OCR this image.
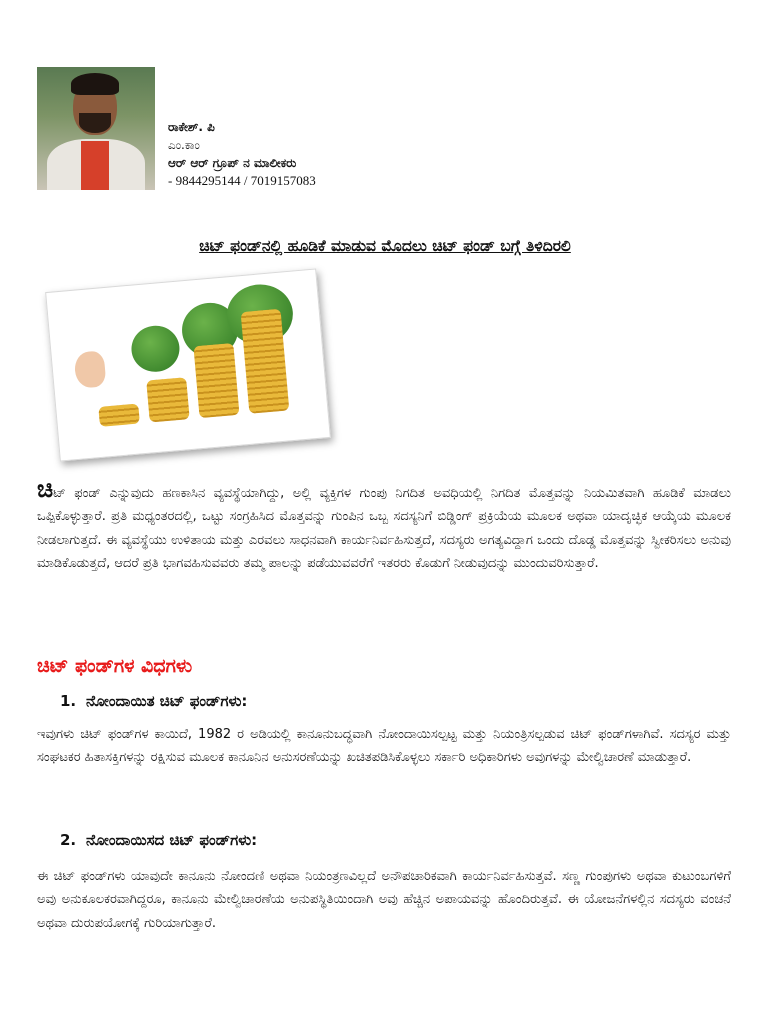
ರಾಕೇಶ್. ಪಿ
ಎಂ.ಕಾಂ
ಆರ್ ಆರ್ ಗ್ರೂಪ್ ನ ಮಾಲೀಕರು
- 9844295144 / 7019157083
ಚಿಟ್ ಫಂಡ್‌ನಲ್ಲಿ ಹೂಡಿಕೆ ಮಾಡುವ ಮೊದಲು ಚಿಟ್ ಫಂಡ್ ಬಗ್ಗೆ ತಿಳಿದಿರಲಿ
ಚಿಟ್ ಫಂಡ್ ಎನ್ನುವುದು ಹಣಕಾಸಿನ ವ್ಯವಸ್ಥೆಯಾಗಿದ್ದು, ಅಲ್ಲಿ ವ್ಯಕ್ತಿಗಳ ಗುಂಪು ನಿಗದಿತ ಅವಧಿಯಲ್ಲಿ ನಿಗದಿತ ಮೊತ್ತವನ್ನು ನಿಯಮಿತವಾಗಿ ಹೂಡಿಕೆ ಮಾಡಲು ಒಪ್ಪಿಕೊಳ್ಳುತ್ತಾರೆ. ಪ್ರತಿ ಮಧ್ಯಂತರದಲ್ಲಿ, ಒಟ್ಟು ಸಂಗ್ರಹಿಸಿದ ಮೊತ್ತವನ್ನು ಗುಂಪಿನ ಒಬ್ಬ ಸದಸ್ಯನಿಗೆ ಬಿಡ್ಡಿಂಗ್ ಪ್ರಕ್ರಿಯೆಯ ಮೂಲಕ ಅಥವಾ ಯಾದೃಚ್ಛಿಕ ಆಯ್ಕೆಯ ಮೂಲಕ ನೀಡಲಾಗುತ್ತದೆ. ಈ ವ್ಯವಸ್ಥೆಯು ಉಳಿತಾಯ ಮತ್ತು ಎರವಲು ಸಾಧನವಾಗಿ ಕಾರ್ಯನಿರ್ವಹಿಸುತ್ತದೆ, ಸದಸ್ಯರು ಅಗತ್ಯವಿದ್ದಾಗ ಒಂದು ದೊಡ್ಡ ಮೊತ್ತವನ್ನು ಸ್ವೀಕರಿಸಲು ಅನುವು ಮಾಡಿಕೊಡುತ್ತದೆ, ಆದರೆ ಪ್ರತಿ ಭಾಗವಹಿಸುವವರು ತಮ್ಮ ಪಾಲನ್ನು ಪಡೆಯುವವರೆಗೆ ಇತರರು ಕೊಡುಗೆ ನೀಡುವುದನ್ನು ಮುಂದುವರಿಸುತ್ತಾರೆ.
ಚಿಟ್ ಫಂಡ್‌ಗಳ ವಿಧಗಳು
1. ನೋಂದಾಯಿತ ಚಿಟ್ ಫಂಡ್‌ಗಳು:
ಇವುಗಳು ಚಿಟ್ ಫಂಡ್‌ಗಳ ಕಾಯಿದೆ, 1982 ರ ಅಡಿಯಲ್ಲಿ ಕಾನೂನುಬದ್ಧವಾಗಿ ನೋಂದಾಯಿಸಲ್ಪಟ್ಟ ಮತ್ತು ನಿಯಂತ್ರಿಸಲ್ಪಡುವ ಚಿಟ್ ಫಂಡ್‌ಗಳಾಗಿವೆ. ಸದಸ್ಯರ ಮತ್ತು ಸಂಘಟಕರ ಹಿತಾಸಕ್ತಿಗಳನ್ನು ರಕ್ಷಿಸುವ ಮೂಲಕ ಕಾನೂನಿನ ಅನುಸರಣೆಯನ್ನು ಖಚಿತಪಡಿಸಿಕೊಳ್ಳಲು ಸರ್ಕಾರಿ ಅಧಿಕಾರಿಗಳು ಅವುಗಳನ್ನು ಮೇಲ್ವಿಚಾರಣೆ ಮಾಡುತ್ತಾರೆ.
2. ನೋಂದಾಯಿಸದ ಚಿಟ್ ಫಂಡ್‌ಗಳು:
ಈ ಚಿಟ್ ಫಂಡ್‌ಗಳು ಯಾವುದೇ ಕಾನೂನು ನೋಂದಣಿ ಅಥವಾ ನಿಯಂತ್ರಣವಿಲ್ಲದೆ ಅನೌಪಚಾರಿಕವಾಗಿ ಕಾರ್ಯನಿರ್ವಹಿಸುತ್ತವೆ. ಸಣ್ಣ ಗುಂಪುಗಳು ಅಥವಾ ಕುಟುಂಬಗಳಿಗೆ ಅವು ಅನುಕೂಲಕರವಾಗಿದ್ದರೂ, ಕಾನೂನು ಮೇಲ್ವಿಚಾರಣೆಯ ಅನುಪಸ್ಥಿತಿಯಿಂದಾಗಿ ಅವು ಹೆಚ್ಚಿನ ಅಪಾಯವನ್ನು ಹೊಂದಿರುತ್ತವೆ. ಈ ಯೋಜನೆಗಳಲ್ಲಿನ ಸದಸ್ಯರು ವಂಚನೆ ಅಥವಾ ದುರುಪಯೋಗಕ್ಕೆ ಗುರಿಯಾಗುತ್ತಾರೆ.
